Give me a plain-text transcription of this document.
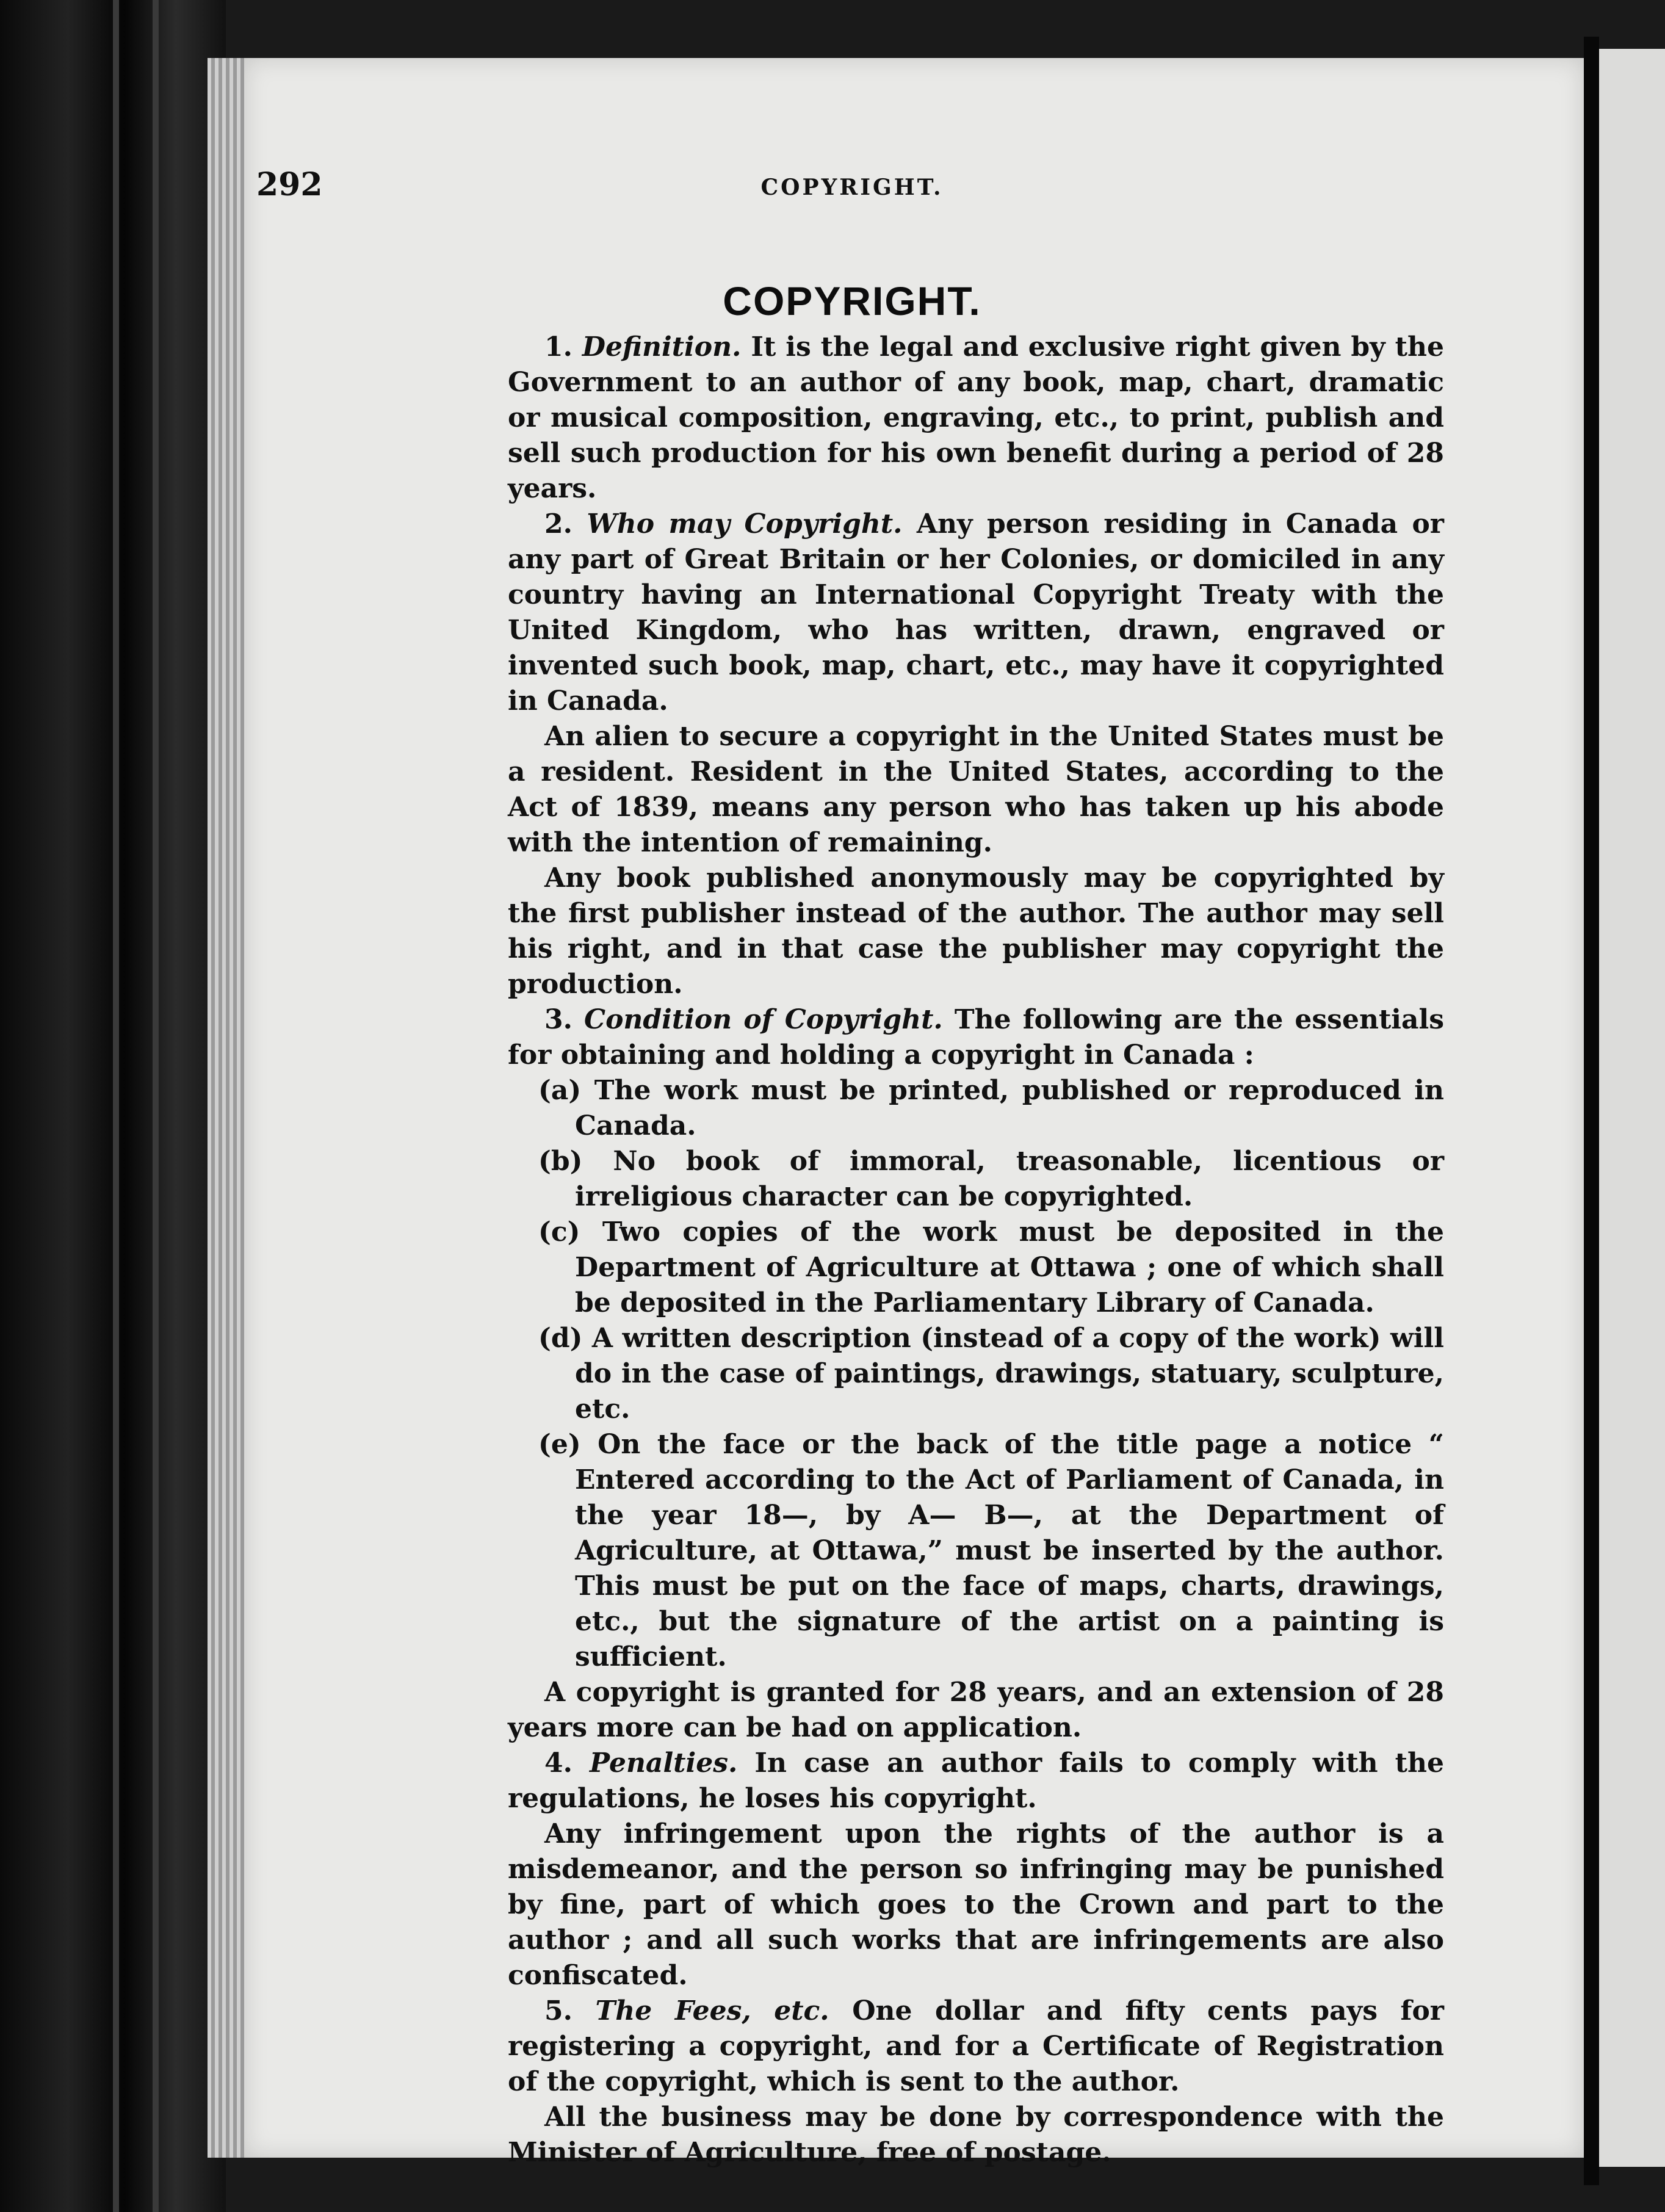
292	COPYRIGHT.
COPYRIGHT.

1. Definition. It is the legal and exclusive right given by the Government to an author of any book, map, chart, dramatic or musical composition, engraving, etc., to print, publish and sell such production for his own benefit during a period of 28 years.

2. Who may Copyright. Any person residing in Canada or any part of Great Britain or her Colonies, or domiciled in any country having an International Copyright Treaty with the United Kingdom, who has written, drawn, engraved or invented such book, map, chart, etc., may have it copyrighted in Canada.

An alien to secure a copyright in the United States must be a resident. Resident in the United States, according to the Act of 1839, means any person who has taken up his abode with the intention of remaining.

Any book published anonymously may be copyrighted by the first publisher instead of the author. The author may sell his right, and in that case the publisher may copyright the production.

3. Condition of Copyright. The following are the essentials for obtaining and holding a copyright in Canada :

(a) The work must be printed, published or reproduced in Canada.

(b) No book of immoral, treasonable, licentious or irreligious character can be copyrighted.

(c) Two copies of the work must be deposited in the Department of Agriculture at Ottawa ; one of which shall be deposited in the Parliamentary Library of Canada.

(d) A written description (instead of a copy of the work) will do in the case of paintings, drawings, statuary, sculpture, etc.

(e) On the face or the back of the title page a notice “ Entered according to the Act of Parliament of Canada, in the year 18—, by A— B—, at the Department of Agriculture, at Ottawa,” must be inserted by the author. This must be put on the face of maps, charts, drawings, etc., but the signature of the artist on a painting is sufficient.

A copyright is granted for 28 years, and an extension of 28 years more can be had on application.

4. Penalties. In case an author fails to comply with the regulations, he loses his copyright.

Any infringement upon the rights of the author is a misdemeanor, and the person so infringing may be punished by fine, part of which goes to the Crown and part to the author ; and all such works that are infringements are also confiscated.

5. The Fees, etc. One dollar and fifty cents pays for registering a copyright, and for a Certificate of Registration of the copyright, which is sent to the author.

All the business may be done by correspondence with the Minister of Agriculture, free of postage.
